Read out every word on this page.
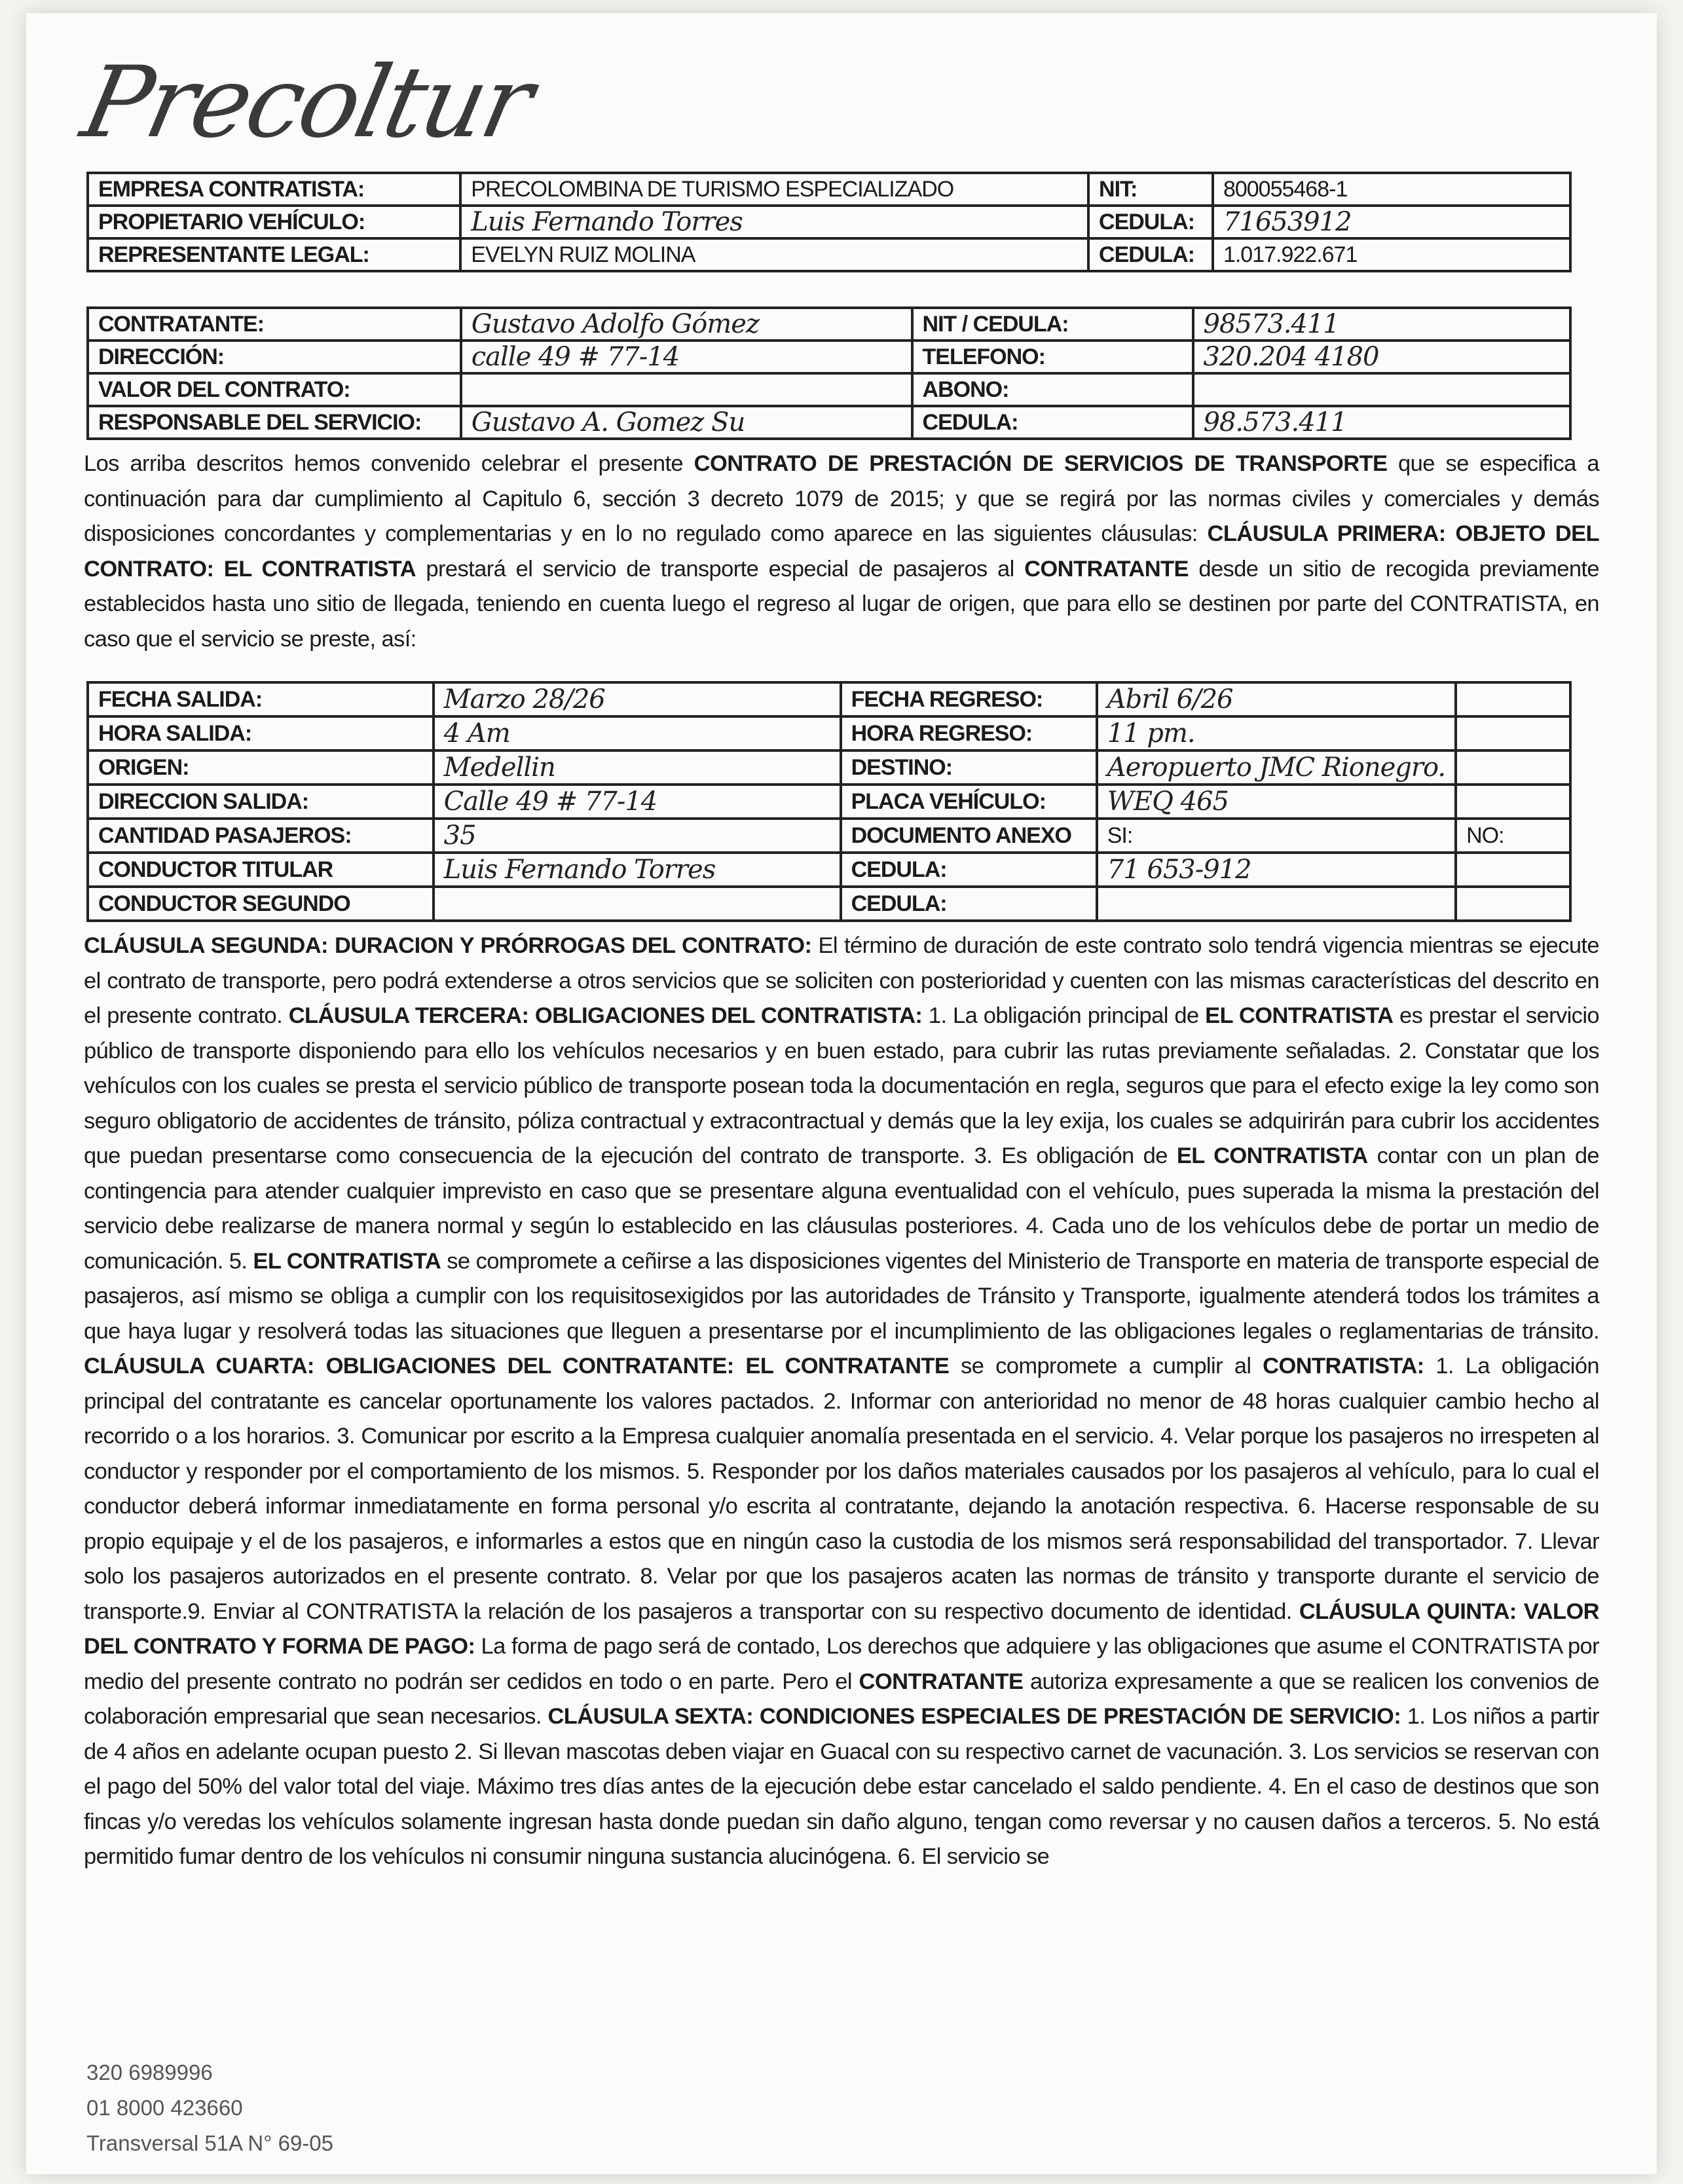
Precoltur
EMPRESA CONTRATISTA:	PRECOLOMBINA DE TURISMO ESPECIALIZADO	NIT:	800055468-1
PROPIETARIO VEHÍCULO:	Luis Fernando Torres	CEDULA:	71653912
REPRESENTANTE LEGAL:	EVELYN RUIZ MOLINA	CEDULA:	1.017.922.671
CONTRATANTE:	Gustavo Adolfo Gómez	NIT / CEDULA:	98573.411
DIRECCIÓN:	calle 49 # 77-14	TELEFONO:	320.204 4180
VALOR DEL CONTRATO:		ABONO:	
RESPONSABLE DEL SERVICIO:	Gustavo A. Gomez Su	CEDULA:	98.573.411
Los arriba descritos hemos convenido celebrar el presente CONTRATO DE PRESTACIÓN DE SERVICIOS DE TRANSPORTE que se especifica a continuación para dar cumplimiento al Capitulo 6, sección 3 decreto 1079 de 2015; y que se regirá por las normas civiles y comerciales y demás disposiciones concordantes y complementarias y en lo no regulado como aparece en las siguientes cláusulas: CLÁUSULA PRIMERA: OBJETO DEL CONTRATO: EL CONTRATISTA prestará el servicio de transporte especial de pasajeros al CONTRATANTE desde un sitio de recogida previamente establecidos hasta uno sitio de llegada, teniendo en cuenta luego el regreso al lugar de origen, que para ello se destinen por parte del CONTRATISTA, en caso que el servicio se preste, así:
FECHA SALIDA:	Marzo 28/26	FECHA REGRESO:	Abril 6/26	
HORA SALIDA:	4 Am	HORA REGRESO:	11 pm.	
ORIGEN:	Medellin	DESTINO:	Aeropuerto JMC Rionegro.	
DIRECCION SALIDA:	Calle 49 # 77-14	PLACA VEHÍCULO:	WEQ 465	
CANTIDAD PASAJEROS:	35	DOCUMENTO ANEXO	SI:	NO:
CONDUCTOR TITULAR	Luis Fernando Torres	CEDULA:	71 653-912	
CONDUCTOR SEGUNDO		CEDULA:		
CLÁUSULA SEGUNDA: DURACION Y PRÓRROGAS DEL CONTRATO: El término de duración de este contrato solo tendrá vigencia mientras se ejecute el contrato de transporte, pero podrá extenderse a otros servicios que se soliciten con posterioridad y cuenten con las mismas características del descrito en el presente contrato. CLÁUSULA TERCERA: OBLIGACIONES DEL CONTRATISTA: 1. La obligación principal de EL CONTRATISTA es prestar el servicio público de transporte disponiendo para ello los vehículos necesarios y en buen estado, para cubrir las rutas previamente señaladas. 2. Constatar que los vehículos con los cuales se presta el servicio público de transporte posean toda la documentación en regla, seguros que para el efecto exige la ley como son seguro obligatorio de accidentes de tránsito, póliza contractual y extracontractual y demás que la ley exija, los cuales se adquirirán para cubrir los accidentes que puedan presentarse como consecuencia de la ejecución del contrato de transporte. 3. Es obligación de EL CONTRATISTA contar con un plan de contingencia para atender cualquier imprevisto en caso que se presentare alguna eventualidad con el vehículo, pues superada la misma la prestación del servicio debe realizarse de manera normal y según lo establecido en las cláusulas posteriores. 4. Cada uno de los vehículos debe de portar un medio de comunicación. 5. EL CONTRATISTA se compromete a ceñirse a las disposiciones vigentes del Ministerio de Transporte en materia de transporte especial de pasajeros, así mismo se obliga a cumplir con los requisitosexigidos por las autoridades de Tránsito y Transporte, igualmente atenderá todos los trámites a que haya lugar y resolverá todas las situaciones que lleguen a presentarse por el incumplimiento de las obligaciones legales o reglamentarias de tránsito. CLÁUSULA CUARTA: OBLIGACIONES DEL CONTRATANTE: EL CONTRATANTE se compromete a cumplir al CONTRATISTA: 1. La obligación principal del contratante es cancelar oportunamente los valores pactados. 2. Informar con anterioridad no menor de 48 horas cualquier cambio hecho al recorrido o a los horarios. 3. Comunicar por escrito a la Empresa cualquier anomalía presentada en el servicio. 4. Velar porque los pasajeros no irrespeten al conductor y responder por el comportamiento de los mismos. 5. Responder por los daños materiales causados por los pasajeros al vehículo, para lo cual el conductor deberá informar inmediatamente en forma personal y/o escrita al contratante, dejando la anotación respectiva. 6. Hacerse responsable de su propio equipaje y el de los pasajeros, e informarles a estos que en ningún caso la custodia de los mismos será responsabilidad del transportador. 7. Llevar solo los pasajeros autorizados en el presente contrato. 8. Velar por que los pasajeros acaten las normas de tránsito y transporte durante el servicio de transporte.9. Enviar al CONTRATISTA la relación de los pasajeros a transportar con su respectivo documento de identidad. CLÁUSULA QUINTA: VALOR DEL CONTRATO Y FORMA DE PAGO: La forma de pago será de contado, Los derechos que adquiere y las obligaciones que asume el CONTRATISTA por medio del presente contrato no podrán ser cedidos en todo o en parte. Pero el CONTRATANTE autoriza expresamente a que se realicen los convenios de colaboración empresarial que sean necesarios. CLÁUSULA SEXTA: CONDICIONES ESPECIALES DE PRESTACIÓN DE SERVICIO: 1. Los niños a partir de 4 años en adelante ocupan puesto 2. Si llevan mascotas deben viajar en Guacal con su respectivo carnet de vacunación. 3. Los servicios se reservan con el pago del 50% del valor total del viaje. Máximo tres días antes de la ejecución debe estar cancelado el saldo pendiente. 4. En el caso de destinos que son fincas y/o veredas los vehículos solamente ingresan hasta donde puedan sin daño alguno, tengan como reversar y no causen daños a terceros. 5. No está permitido fumar dentro de los vehículos ni consumir ninguna sustancia alucinógena. 6. El servicio se
320 6989996
01 8000 423660
Transversal 51A N° 69-05
